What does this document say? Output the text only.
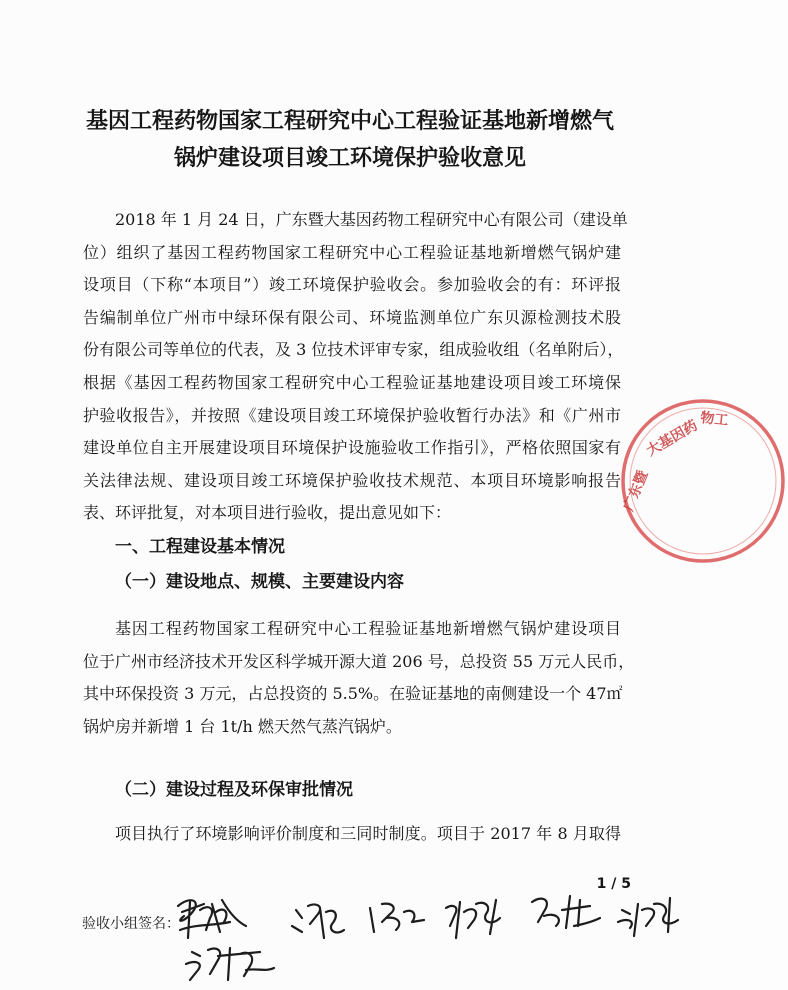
基因工程药物国家工程研究中心工程验证基地新增燃气
锅炉建设项目竣工环境保护验收意见
2018 年 1 月 24 日，广东暨大基因药物工程研究中心有限公司（建设单
位）组织了基因工程药物国家工程研究中心工程验证基地新增燃气锅炉建
设项目（下称“本项目”）竣工环境保护验收会。参加验收会的有：环评报
告编制单位广州市中绿环保有限公司、环境监测单位广东贝源检测技术股
份有限公司等单位的代表，及 3 位技术评审专家，组成验收组（名单附后），
根据《基因工程药物国家工程研究中心工程验证基地建设项目竣工环境保
护验收报告》，并按照《建设项目竣工环境保护验收暂行办法》和《广州市
建设单位自主开展建设项目环境保护设施验收工作指引》，严格依照国家有
关法律法规、建设项目竣工环境保护验收技术规范、本项目环境影响报告
表、环评批复，对本项目进行验收，提出意见如下：
一、工程建设基本情况
（一）建设地点、规模、主要建设内容
基因工程药物国家工程研究中心工程验证基地新增燃气锅炉建设项目
位于广州市经济技术开发区科学城开源大道 206 号，总投资 55 万元人民币，
其中环保投资 3 万元，占总投资的 5.5%。在验证基地的南侧建设一个 47㎡
锅炉房并新增 1 台 1t/h 燃天然气蒸汽锅炉。
（二）建设过程及环保审批情况
项目执行了环境影响评价制度和三同时制度。项目于 2017 年 8 月取得
1 / 5
验收小组签名：
广东暨
大基因药 物工
